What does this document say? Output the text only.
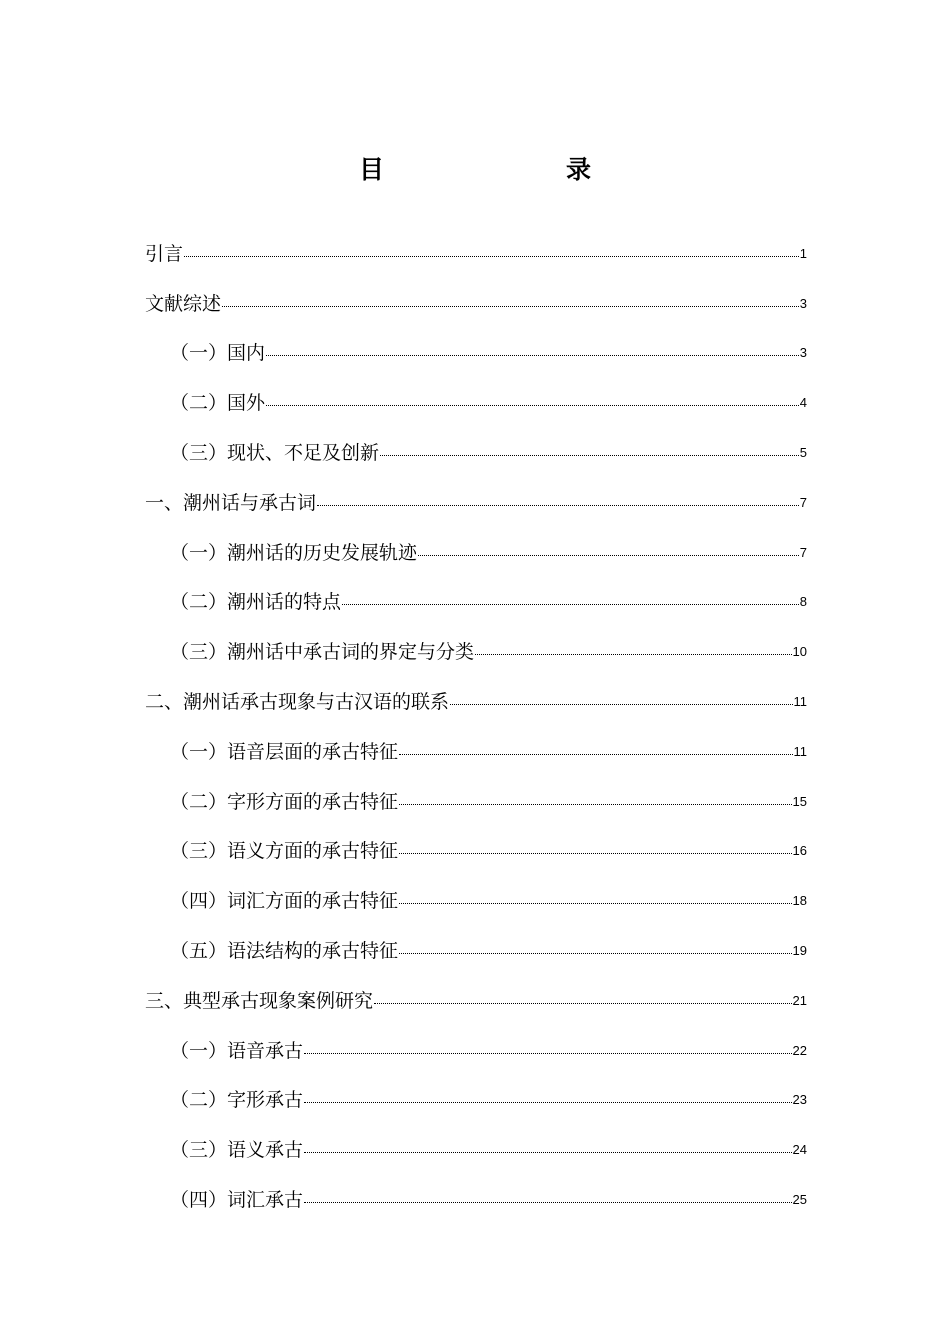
目　　录
引言	1
文献综述	3
（一）国内	3
（二）国外	4
（三）现状、不足及创新	5
一、潮州话与承古词	7
（一）潮州话的历史发展轨迹	7
（二）潮州话的特点	8
（三）潮州话中承古词的界定与分类	10
二、潮州话承古现象与古汉语的联系	11
（一）语音层面的承古特征	11
（二）字形方面的承古特征	15
（三）语义方面的承古特征	16
（四）词汇方面的承古特征	18
（五）语法结构的承古特征	19
三、典型承古现象案例研究	21
（一）语音承古	22
（二）字形承古	23
（三）语义承古	24
（四）词汇承古	25
